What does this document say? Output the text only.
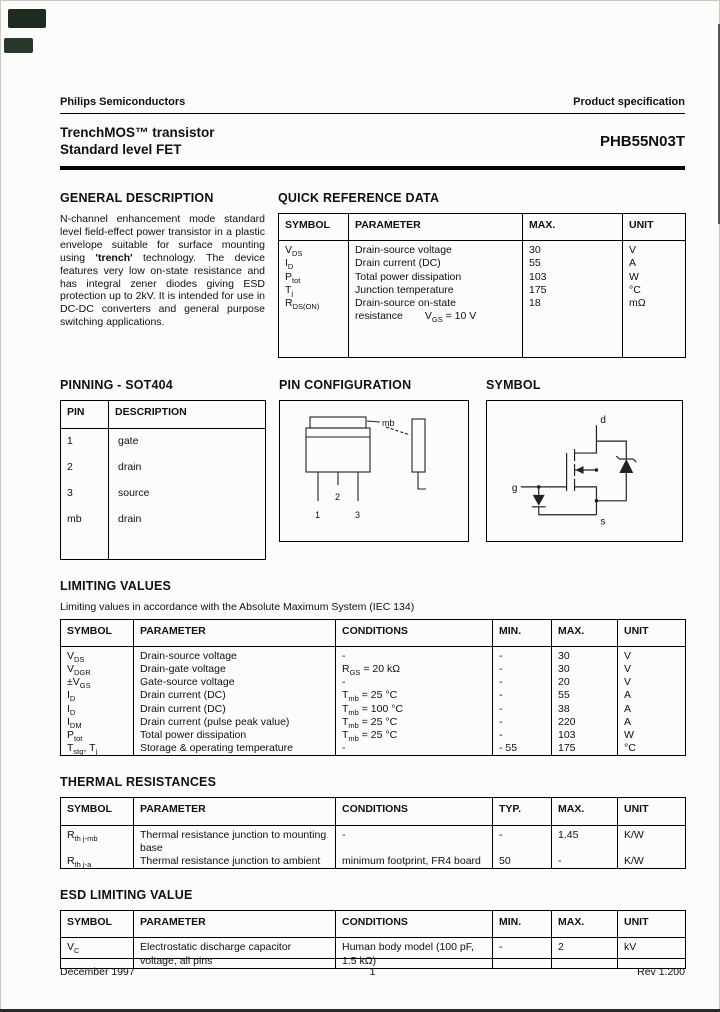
Philips Semiconductors	Product specification
TrenchMOS™ transistor
Standard level FET	PHB55N03T
GENERAL DESCRIPTION

N-channel enhancement mode standard level field-effect power transistor in a plastic envelope suitable for surface mounting using 'trench' technology. The device features very low on-state resistance and has integral zener diodes giving ESD protection up to 2kV. It is intended for use in DC-DC converters and general purpose switching applications.

QUICK REFERENCE DATA
SYMBOL	PARAMETER	MAX.	UNIT
$V_{DS}$	Drain-source voltage	30	V
$I_D$	Drain current (DC)	55	A
$P_{tot}$	Total power dissipation	103	W
$T_j$	Junction temperature	175	°C
$R_{DS(ON)}$	Drain-source on-state	18	mΩ
	resistance $V_{GS} = 10$ V		

PINNING - SOT404
PIN	DESCRIPTION
1	gate
2	drain
3	source
mb	drain

PIN CONFIGURATION
mb
2
1	3
SYMBOL
d
g
s
LIMITING VALUES

Limiting values in accordance with the Absolute Maximum System (IEC 134)

SYMBOL	PARAMETER	CONDITIONS	MIN.	MAX.	UNIT
$V_{DS}$	Drain-source voltage	-	-	30	V
$V_{DGR}$	Drain-gate voltage	$R_{GS} = 20$ kΩ	-	30	V
$\pm V_{GS}$	Gate-source voltage	-	-	20	V
$I_D$	Drain current (DC)	$T_{mb} = 25$ °C	-	55	A
$I_D$	Drain current (DC)	$T_{mb} = 100$ °C	-	38	A
$I_{DM}$	Drain current (pulse peak value)	$T_{mb} = 25$ °C	-	220	A
$P_{tot}$	Total power dissipation	$T_{mb} = 25$ °C	-	103	W
$T_{stg}$, $T_j$	Storage & operating temperature	-	- 55	175	°C
THERMAL RESISTANCES
SYMBOL	PARAMETER	CONDITIONS	TYP.	MAX.	UNIT
$R_{th j-mb}$	Thermal resistance junction to mounting base	-	-	1.45	K/W
$R_{th j-a}$	Thermal resistance junction to ambient	minimum footprint, FR4 board	50	-	K/W
ESD LIMITING VALUE
SYMBOL	PARAMETER	CONDITIONS	MIN.	MAX.	UNIT
$V_C$	Electrostatic discharge capacitor voltage, all pins	Human body model (100 pF, 1.5 kΩ)	-	2	kV
December 1997	1	Rev 1.200
